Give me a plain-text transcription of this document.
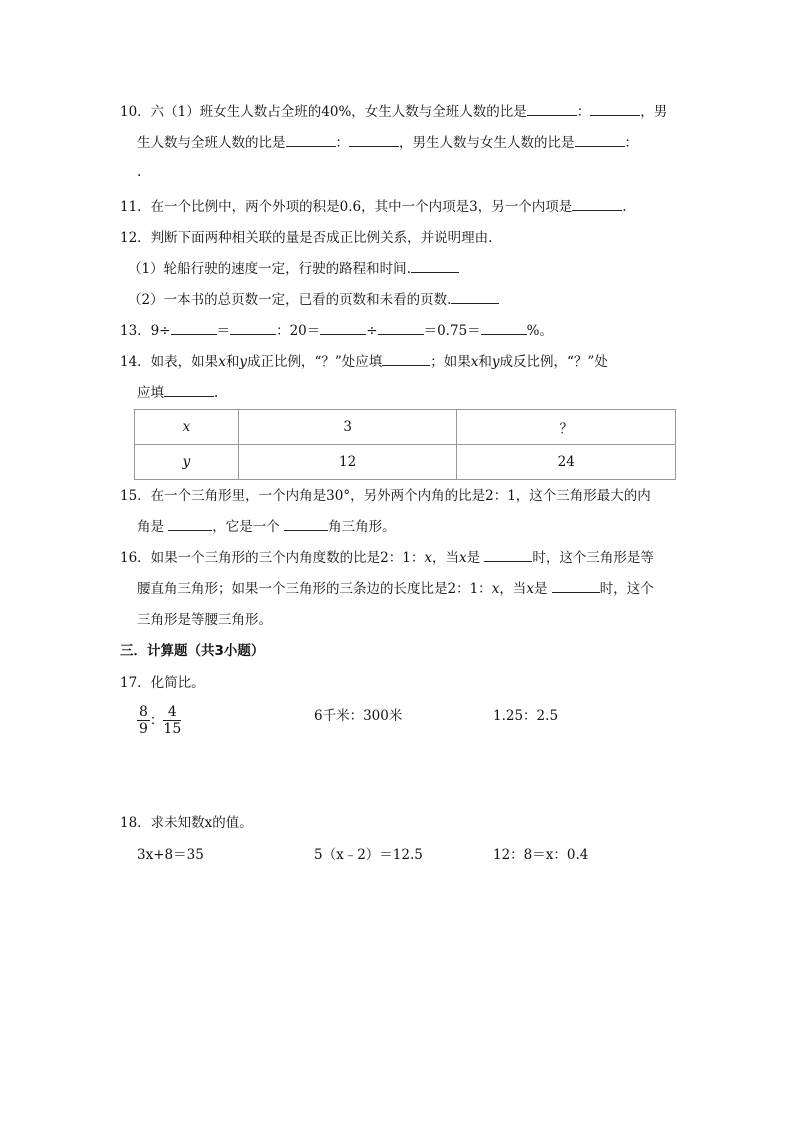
10．六（1）班女生人数占全班的40%，女生人数与全班人数的比是	：	，男
生人数与全班人数的比是	：	，男生人数与女生人数的比是	：
.
11．在一个比例中，两个外项的积是0.6，其中一个内项是3，另一个内项是	.
12．判断下面两种相关联的量是否成正比例关系，并说明理由.
（1）轮船行驶的速度一定，行驶的路程和时间.
（2）一本书的总页数一定，已看的页数和未看的页数.
13．9÷	＝	：20＝	÷	＝0.75＝	%。
14．如表，如果x和y成正比例，“？”处应填	；如果x和y成反比例，“？”处
应填	.
x	3	？
y	12	24
15．在一个三角形里，一个内角是30°，另外两个内角的比是2：1，这个三角形最大的内
角是	，它是一个	角三角形。
16．如果一个三角形的三个内角度数的比是2：1：x，当x是	时，这个三角形是等
腰直角三角形；如果一个三角形的三条边的长度比是2：1：x，当x是	时，这个
三角形是等腰三角形。
三．计算题（共3小题）
17．化简比。
$\frac{8}{9}$ ： $\frac{4}{15}$	6千米：300米	1.25：2.5
18．求未知数x的值。
3x+8＝35	5（x﹣2）＝12.5	12：8＝x：0.4
